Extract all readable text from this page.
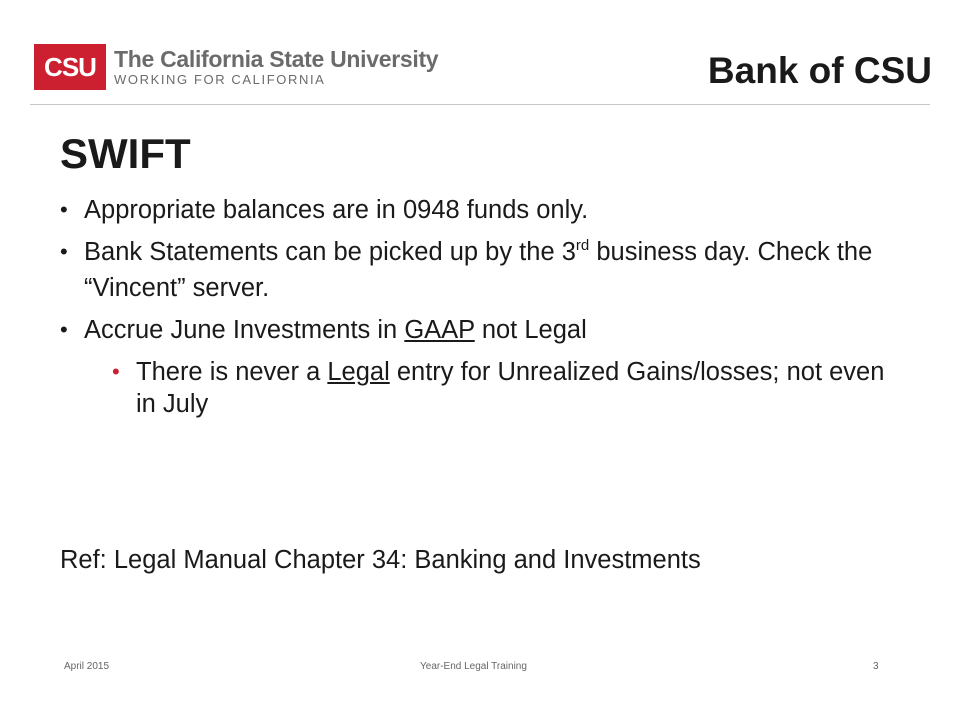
CSU The California State University
WORKING FOR CALIFORNIA	Bank of CSU
SWIFT
• Appropriate balances are in 0948 funds only.
• Bank Statements can be picked up by the 3rd business day. Check the “Vincent” server.
• Accrue June Investments in GAAP not Legal
• There is never a Legal entry for Unrealized Gains/losses; not even in July
Ref: Legal Manual Chapter 34: Banking and Investments
April 2015	Year-End Legal Training	3
